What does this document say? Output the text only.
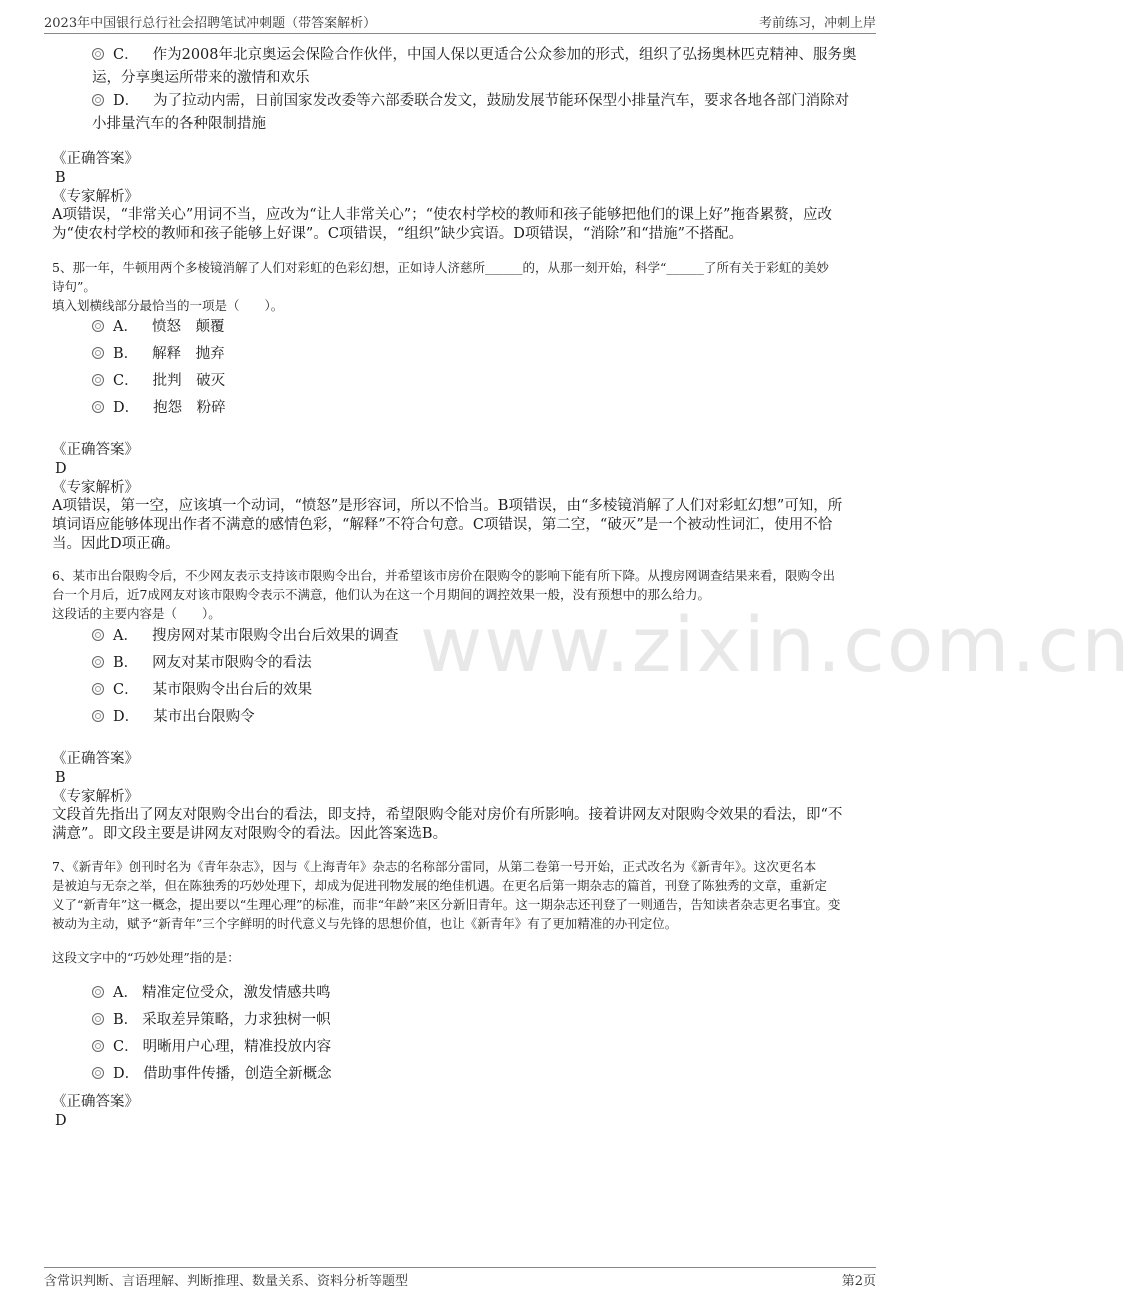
2023年中国银行总行社会招聘笔试冲刺题（带答案解析）	考前练习，冲刺上岸
www.zixin.com.cn
C． 作为2008年北京奥运会保险合作伙伴，中国人保以更适合公众参加的形式，组织了弘扬奥林匹克精神、服务奥
运，分享奥运所带来的激情和欢乐
D． 为了拉动内需，日前国家发改委等六部委联合发文，鼓励发展节能环保型小排量汽车，要求各地各部门消除对
小排量汽车的各种限制措施
《正确答案》
B
《专家解析》
A项错误，“非常关心”用词不当，应改为“让人非常关心”；“使农村学校的教师和孩子能够把他们的课上好”拖沓累赘，应改
为“使农村学校的教师和孩子能够上好课”。C项错误，“组织”缺少宾语。D项错误，“消除”和“措施”不搭配。
5、那一年，牛顿用两个多棱镜消解了人们对彩虹的色彩幻想，正如诗人济慈所______的，从那一刻开始，科学“______了所有关于彩虹的美妙
诗句”。
填入划横线部分最恰当的一项是（　　）。
A． 愤怒　颠覆
B． 解释　抛弃
C． 批判　破灭
D． 抱怨　粉碎
《正确答案》
D
《专家解析》
A项错误，第一空，应该填一个动词，“愤怒”是形容词，所以不恰当。B项错误，由“多棱镜消解了人们对彩虹幻想”可知，所
填词语应能够体现出作者不满意的感情色彩，“解释”不符合句意。C项错误，第二空，“破灭”是一个被动性词汇，使用不恰
当。因此D项正确。
6、某市出台限购令后，不少网友表示支持该市限购令出台，并希望该市房价在限购令的影响下能有所下降。从搜房网调查结果来看，限购令出
台一个月后，近7成网友对该市限购令表示不满意，他们认为在这一个月期间的调控效果一般，没有预想中的那么给力。
这段话的主要内容是（　　）。
A． 搜房网对某市限购令出台后效果的调查
B． 网友对某市限购令的看法
C． 某市限购令出台后的效果
D． 某市出台限购令
《正确答案》
B
《专家解析》
文段首先指出了网友对限购令出台的看法，即支持，希望限购令能对房价有所影响。接着讲网友对限购令效果的看法，即“不
满意”。即文段主要是讲网友对限购令的看法。因此答案选B。
7、《新青年》创刊时名为《青年杂志》，因与《上海青年》杂志的名称部分雷同，从第二卷第一号开始，正式改名为《新青年》。这次更名本
是被迫与无奈之举，但在陈独秀的巧妙处理下，却成为促进刊物发展的绝佳机遇。在更名后第一期杂志的篇首，刊登了陈独秀的文章，重新定
义了“新青年”这一概念，提出要以“生理心理”的标准，而非“年龄”来区分新旧青年。这一期杂志还刊登了一则通告，告知读者杂志更名事宜。变
被动为主动，赋予“新青年”三个字鲜明的时代意义与先锋的思想价值，也让《新青年》有了更加精准的办刊定位。
这段文字中的“巧妙处理”指的是：
A． 精准定位受众，激发情感共鸣
B． 采取差异策略，力求独树一帜
C． 明晰用户心理，精准投放内容
D． 借助事件传播，创造全新概念
《正确答案》
D
含常识判断、言语理解、判断推理、数量关系、资料分析等题型	第2页
